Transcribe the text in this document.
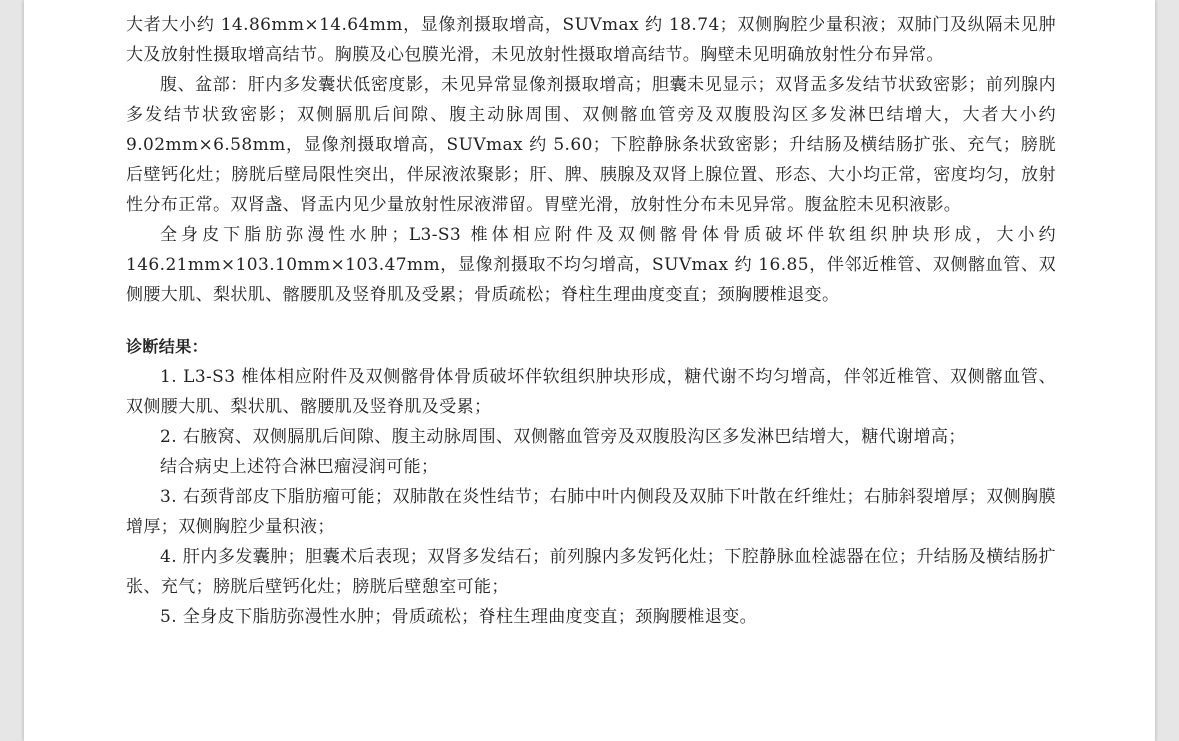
大者大小约 14.86mm×14.64mm，显像剂摄取增高，SUVmax 约 18.74；双侧胸腔少量积液；双肺门及纵隔未见肿大及放射性摄取增高结节。胸膜及心包膜光滑，未见放射性摄取增高结节。胸壁未见明确放射性分布异常。

腹、盆部：肝内多发囊状低密度影，未见异常显像剂摄取增高；胆囊未见显示；双肾盂多发结节状致密影；前列腺内多发结节状致密影；双侧膈肌后间隙、腹主动脉周围、双侧髂血管旁及双腹股沟区多发淋巴结增大，大者大小约 9.02mm×6.58mm，显像剂摄取增高，SUVmax 约 5.60；下腔静脉条状致密影；升结肠及横结肠扩张、充气；膀胱后壁钙化灶；膀胱后壁局限性突出，伴尿液浓聚影；肝、脾、胰腺及双肾上腺位置、形态、大小均正常，密度均匀，放射性分布正常。双肾盏、肾盂内见少量放射性尿液滞留。胃壁光滑，放射性分布未见异常。腹盆腔未见积液影。

全身皮下脂肪弥漫性水肿；L3-S3 椎体相应附件及双侧髂骨体骨质破坏伴软组织肿块形成，大小约 146.21mm×103.10mm×103.47mm，显像剂摄取不均匀增高，SUVmax 约 16.85，伴邻近椎管、双侧髂血管、双侧腰大肌、梨状肌、髂腰肌及竖脊肌及受累；骨质疏松；脊柱生理曲度变直；颈胸腰椎退变。

诊断结果：

1. L3-S3 椎体相应附件及双侧髂骨体骨质破坏伴软组织肿块形成，糖代谢不均匀增高，伴邻近椎管、双侧髂血管、双侧腰大肌、梨状肌、髂腰肌及竖脊肌及受累；

2. 右腋窝、双侧膈肌后间隙、腹主动脉周围、双侧髂血管旁及双腹股沟区多发淋巴结增大，糖代谢增高；

结合病史上述符合淋巴瘤浸润可能；

3. 右颈背部皮下脂肪瘤可能；双肺散在炎性结节；右肺中叶内侧段及双肺下叶散在纤维灶；右肺斜裂增厚；双侧胸膜增厚；双侧胸腔少量积液；

4. 肝内多发囊肿；胆囊术后表现；双肾多发结石；前列腺内多发钙化灶；下腔静脉血栓滤器在位；升结肠及横结肠扩张、充气；膀胱后壁钙化灶；膀胱后壁憩室可能；

5. 全身皮下脂肪弥漫性水肿；骨质疏松；脊柱生理曲度变直；颈胸腰椎退变。
